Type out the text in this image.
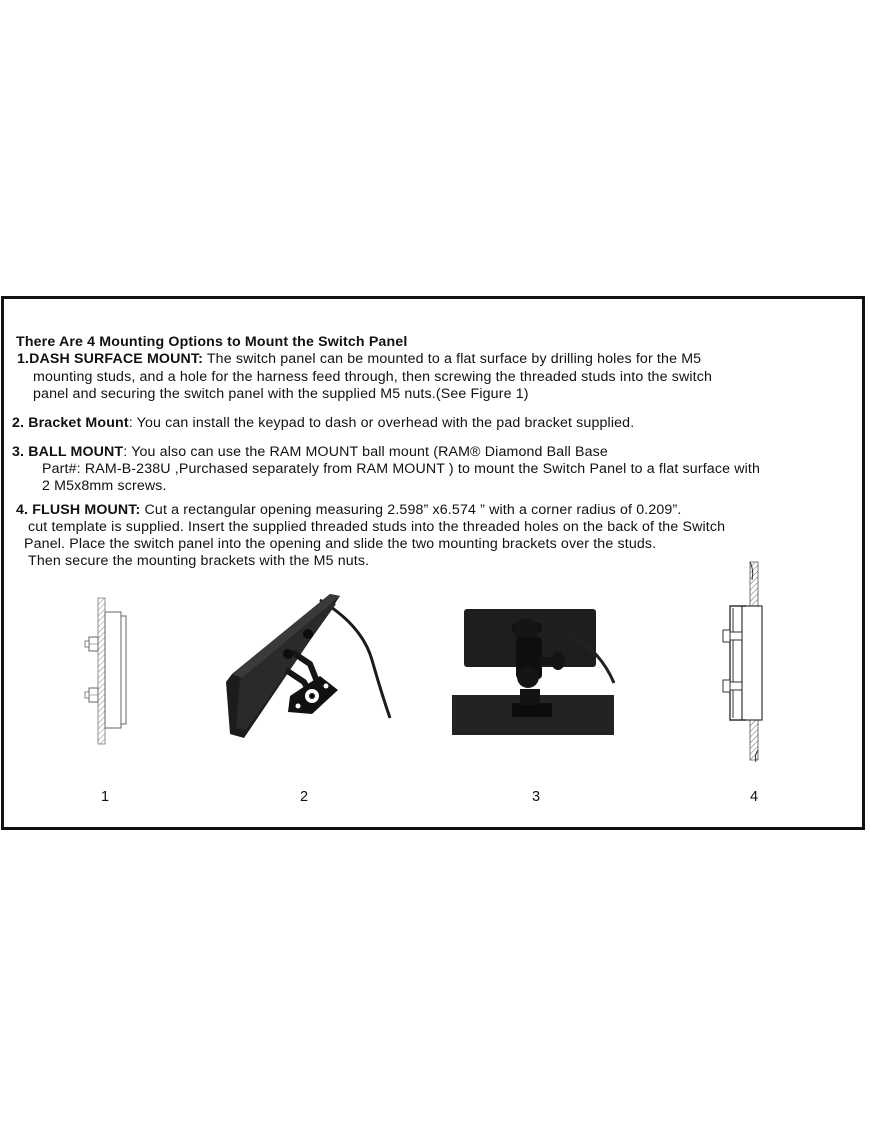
There Are 4 Mounting Options to Mount the Switch Panel
1.DASH SURFACE MOUNT: The switch panel can be mounted to a flat surface by drilling holes for the M5
mounting studs, and a hole for the harness feed through, then screwing the threaded studs into the switch
panel and securing the switch panel with the supplied M5 nuts.(See Figure 1)
2. Bracket Mount: You can install the keypad to dash or overhead with the pad bracket supplied.
3. BALL MOUNT: You also can use the RAM MOUNT ball mount (RAM® Diamond Ball Base
Part#: RAM-B-238U ,Purchased separately from RAM MOUNT ) to mount the Switch Panel to a flat surface with
2 M5x8mm screws.
4. FLUSH MOUNT: Cut a rectangular opening measuring 2.598” x6.574 ” with a corner radius of 0.209”.
cut template is supplied. Insert the supplied threaded studs into the threaded holes on the back of the Switch
Panel. Place the switch panel into the opening and slide the two mounting brackets over the studs.
Then secure the mounting brackets with the M5 nuts.
1	2	3	4
